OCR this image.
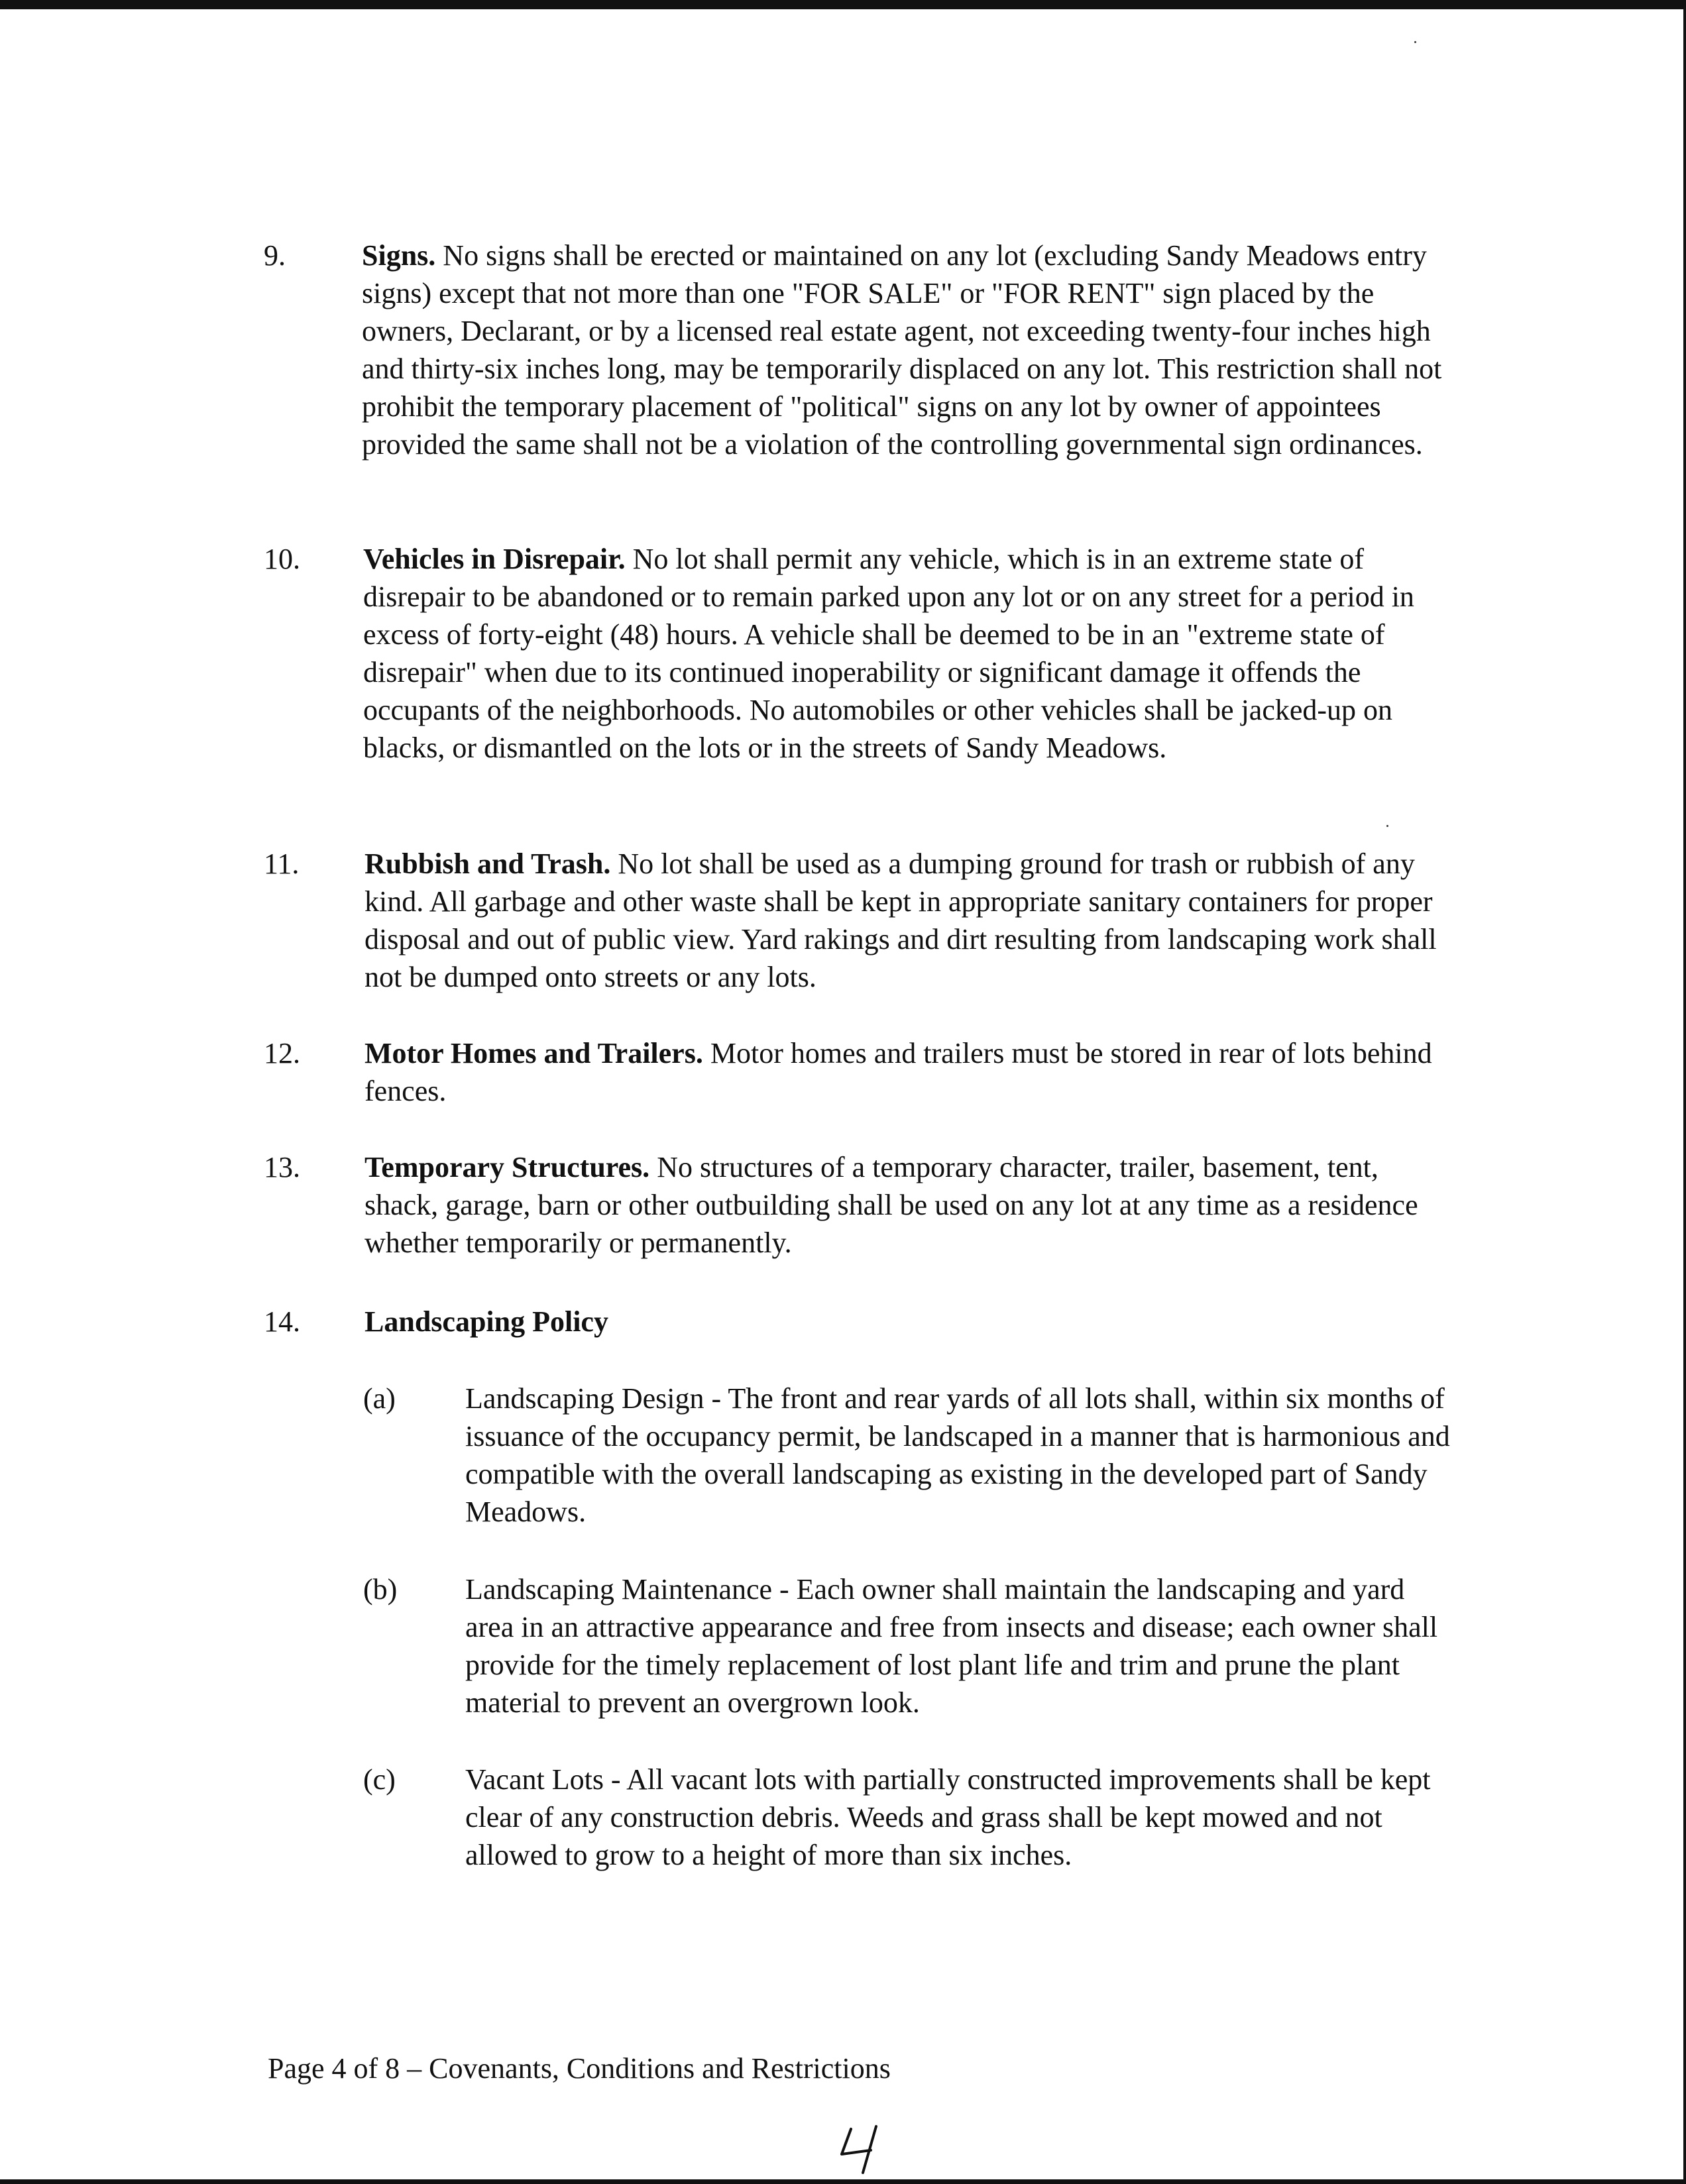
9.	Signs. No signs shall be erected or maintained on any lot (excluding Sandy Meadows entry signs) except that not more than one "FOR SALE" or "FOR RENT" sign placed by the owners, Declarant, or by a licensed real estate agent, not exceeding twenty-four inches high and thirty-six inches long, may be temporarily displaced on any lot. This restriction shall not prohibit the temporary placement of "political" signs on any lot by owner of appointees provided the same shall not be a violation of the controlling governmental sign ordinances.
10. Vehicles in Disrepair. No lot shall permit any vehicle, which is in an extreme state of disrepair to be abandoned or to remain parked upon any lot or on any street for a period in excess of forty-eight (48) hours. A vehicle shall be deemed to be in an "extreme state of disrepair" when due to its continued inoperability or significant damage it offends the occupants of the neighborhoods. No automobiles or other vehicles shall be jacked-up on blacks, or dismantled on the lots or in the streets of Sandy Meadows.
11. Rubbish and Trash. No lot shall be used as a dumping ground for trash or rubbish of any kind. All garbage and other waste shall be kept in appropriate sanitary containers for proper disposal and out of public view. Yard rakings and dirt resulting from landscaping work shall not be dumped onto streets or any lots.
12. Motor Homes and Trailers. Motor homes and trailers must be stored in rear of lots behind fences.
13. Temporary Structures. No structures of a temporary character, trailer, basement, tent, shack, garage, barn or other outbuilding shall be used on any lot at any time as a residence whether temporarily or permanently.
14. Landscaping Policy
(a) Landscaping Design - The front and rear yards of all lots shall, within six months of issuance of the occupancy permit, be landscaped in a manner that is harmonious and compatible with the overall landscaping as existing in the developed part of Sandy Meadows.
(b) Landscaping Maintenance - Each owner shall maintain the landscaping and yard area in an attractive appearance and free from insects and disease; each owner shall provide for the timely replacement of lost plant life and trim and prune the plant material to prevent an overgrown look.
(c) Vacant Lots - All vacant lots with partially constructed improvements shall be kept clear of any construction debris. Weeds and grass shall be kept mowed and not allowed to grow to a height of more than six inches.
Page 4 of 8 – Covenants, Conditions and Restrictions
